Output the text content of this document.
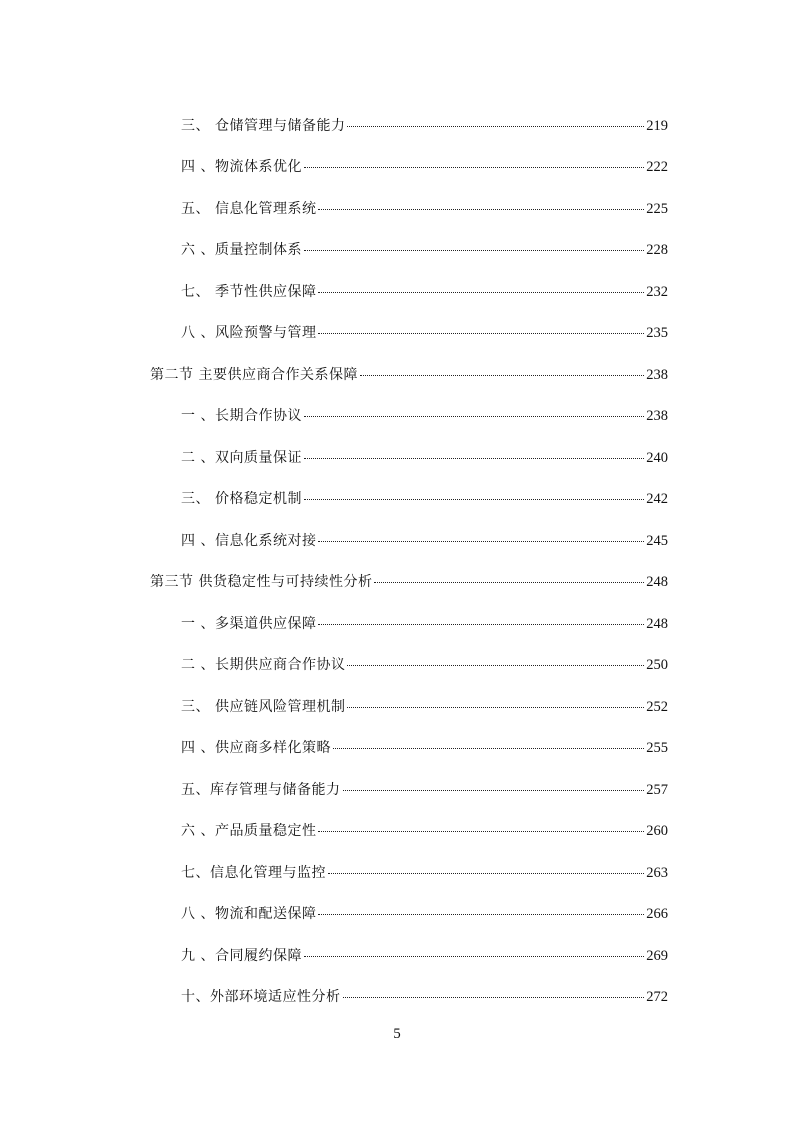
三、 仓储管理与储备能力	219
四 、物流体系优化	222
五、 信息化管理系统	225
六 、质量控制体系	228
七、 季节性供应保障	232
八 、风险预警与管理	235
第二节 主要供应商合作关系保障	238
一 、长期合作协议	238
二 、双向质量保证	240
三、 价格稳定机制	242
四 、信息化系统对接	245
第三节 供货稳定性与可持续性分析	248
一 、多渠道供应保障	248
二 、长期供应商合作协议	250
三、 供应链风险管理机制	252
四 、供应商多样化策略	255
五、库存管理与储备能力	257
六 、产品质量稳定性	260
七、信息化管理与监控	263
八 、物流和配送保障	266
九 、合同履约保障	269
十、外部环境适应性分析	272
5
